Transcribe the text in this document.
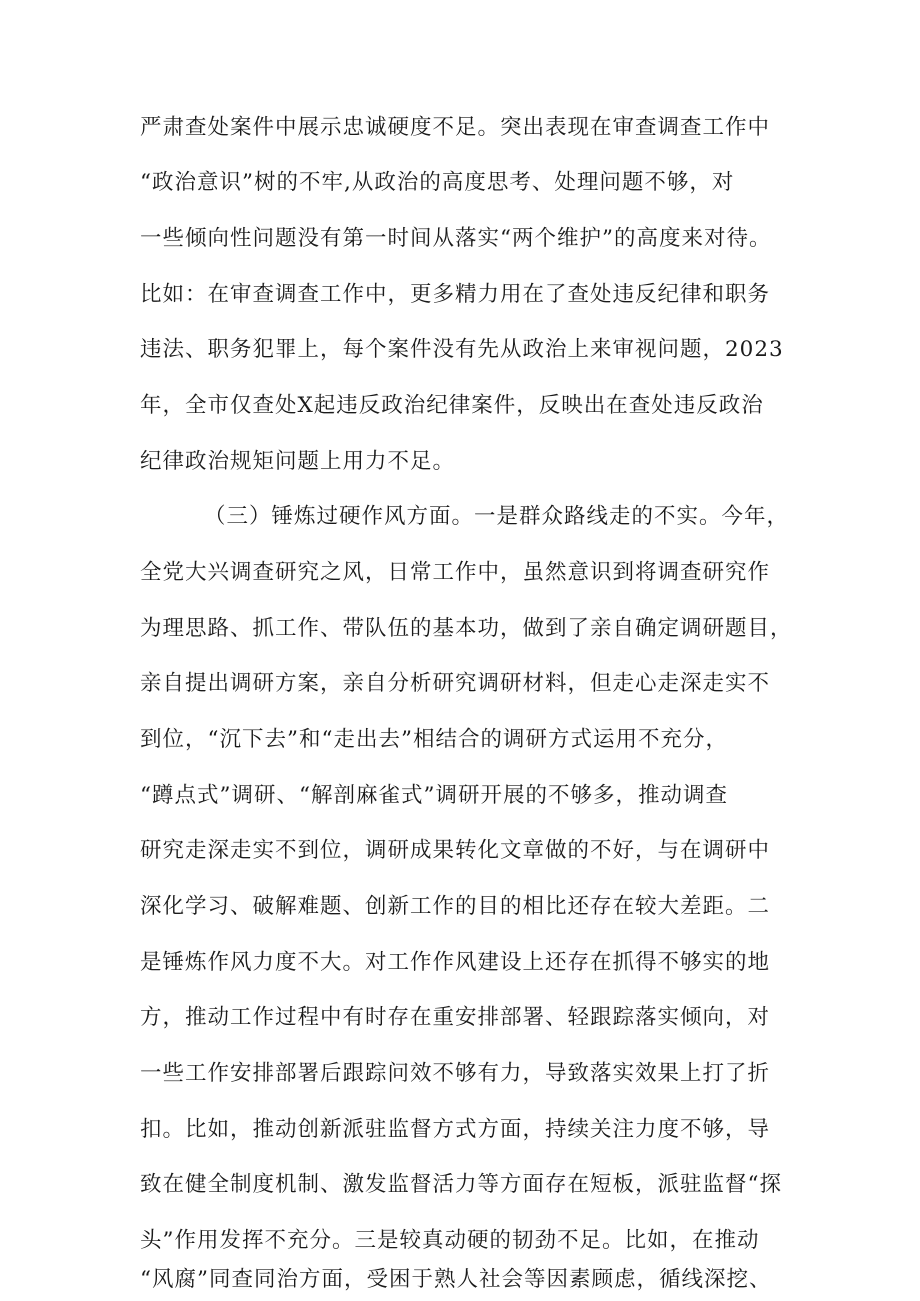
严肃查处案件中展示忠诚硬度不足。突出表现在审查调查工作中
“政治意识”树的不牢,从政治的高度思考、处理问题不够，对
一些倾向性问题没有第一时间从落实“两个维护”的高度来对待。
比如：在审查调查工作中，更多精力用在了查处违反纪律和职务
违法、职务犯罪上，每个案件没有先从政治上来审视问题，2023
年，全市仅查处X起违反政治纪律案件，反映出在查处违反政治
纪律政治规矩问题上用力不足。
（三）锤炼过硬作风方面。一是群众路线走的不实。今年，
全党大兴调查研究之风，日常工作中，虽然意识到将调查研究作
为理思路、抓工作、带队伍的基本功，做到了亲自确定调研题目，
亲自提出调研方案，亲自分析研究调研材料，但走心走深走实不
到位，“沉下去”和“走出去”相结合的调研方式运用不充分，
“蹲点式”调研、“解剖麻雀式”调研开展的不够多，推动调查
研究走深走实不到位，调研成果转化文章做的不好，与在调研中
深化学习、破解难题、创新工作的目的相比还存在较大差距。二
是锤炼作风力度不大。对工作作风建设上还存在抓得不够实的地
方，推动工作过程中有时存在重安排部署、轻跟踪落实倾向，对
一些工作安排部署后跟踪问效不够有力，导致落实效果上打了折
扣。比如，推动创新派驻监督方式方面，持续关注力度不够，导
致在健全制度机制、激发监督活力等方面存在短板，派驻监督“探
头”作用发挥不充分。三是较真动硬的韧劲不足。比如，在推动
“风腐”同查同治方面，受困于熟人社会等因素顾虑，循线深挖、
